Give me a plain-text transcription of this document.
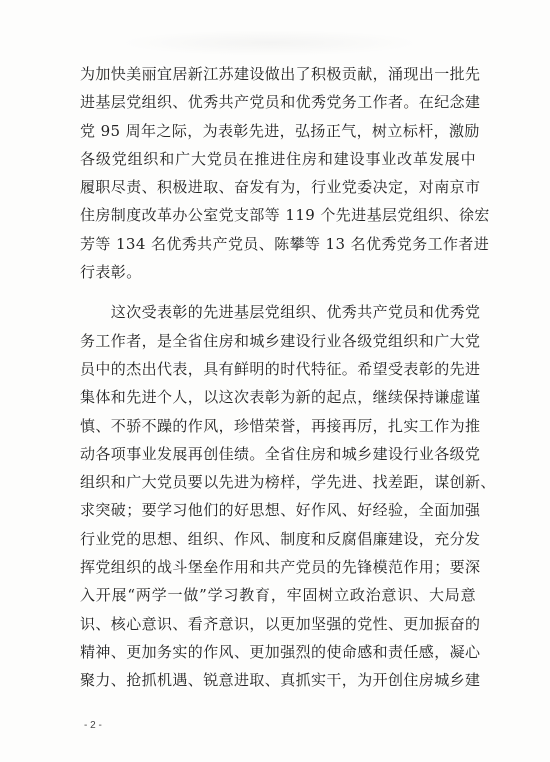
为加快美丽宜居新江苏建设做出了积极贡献，涌现出一批先
进基层党组织、优秀共产党员和优秀党务工作者。在纪念建
党 95 周年之际，为表彰先进，弘扬正气，树立标杆，激励
各级党组织和广大党员在推进住房和建设事业改革发展中
履职尽责、积极进取、奋发有为，行业党委决定，对南京市
住房制度改革办公室党支部等 119 个先进基层党组织、徐宏
芳等 134 名优秀共产党员、陈攀等 13 名优秀党务工作者进
行表彰。
　　这次受表彰的先进基层党组织、优秀共产党员和优秀党
务工作者，是全省住房和城乡建设行业各级党组织和广大党
员中的杰出代表，具有鲜明的时代特征。希望受表彰的先进
集体和先进个人，以这次表彰为新的起点，继续保持谦虚谨
慎、不骄不躁的作风，珍惜荣誉，再接再厉，扎实工作为推
动各项事业发展再创佳绩。全省住房和城乡建设行业各级党
组织和广大党员要以先进为榜样，学先进、找差距，谋创新、
求突破；要学习他们的好思想、好作风、好经验，全面加强
行业党的思想、组织、作风、制度和反腐倡廉建设，充分发
挥党组织的战斗堡垒作用和共产党员的先锋模范作用；要深
入开展“两学一做”学习教育，牢固树立政治意识、大局意
识、核心意识、看齐意识，以更加坚强的党性、更加振奋的
精神、更加务实的作风、更加强烈的使命感和责任感，凝心
聚力、抢抓机遇、锐意进取、真抓实干，为开创住房城乡建
- 2 -
